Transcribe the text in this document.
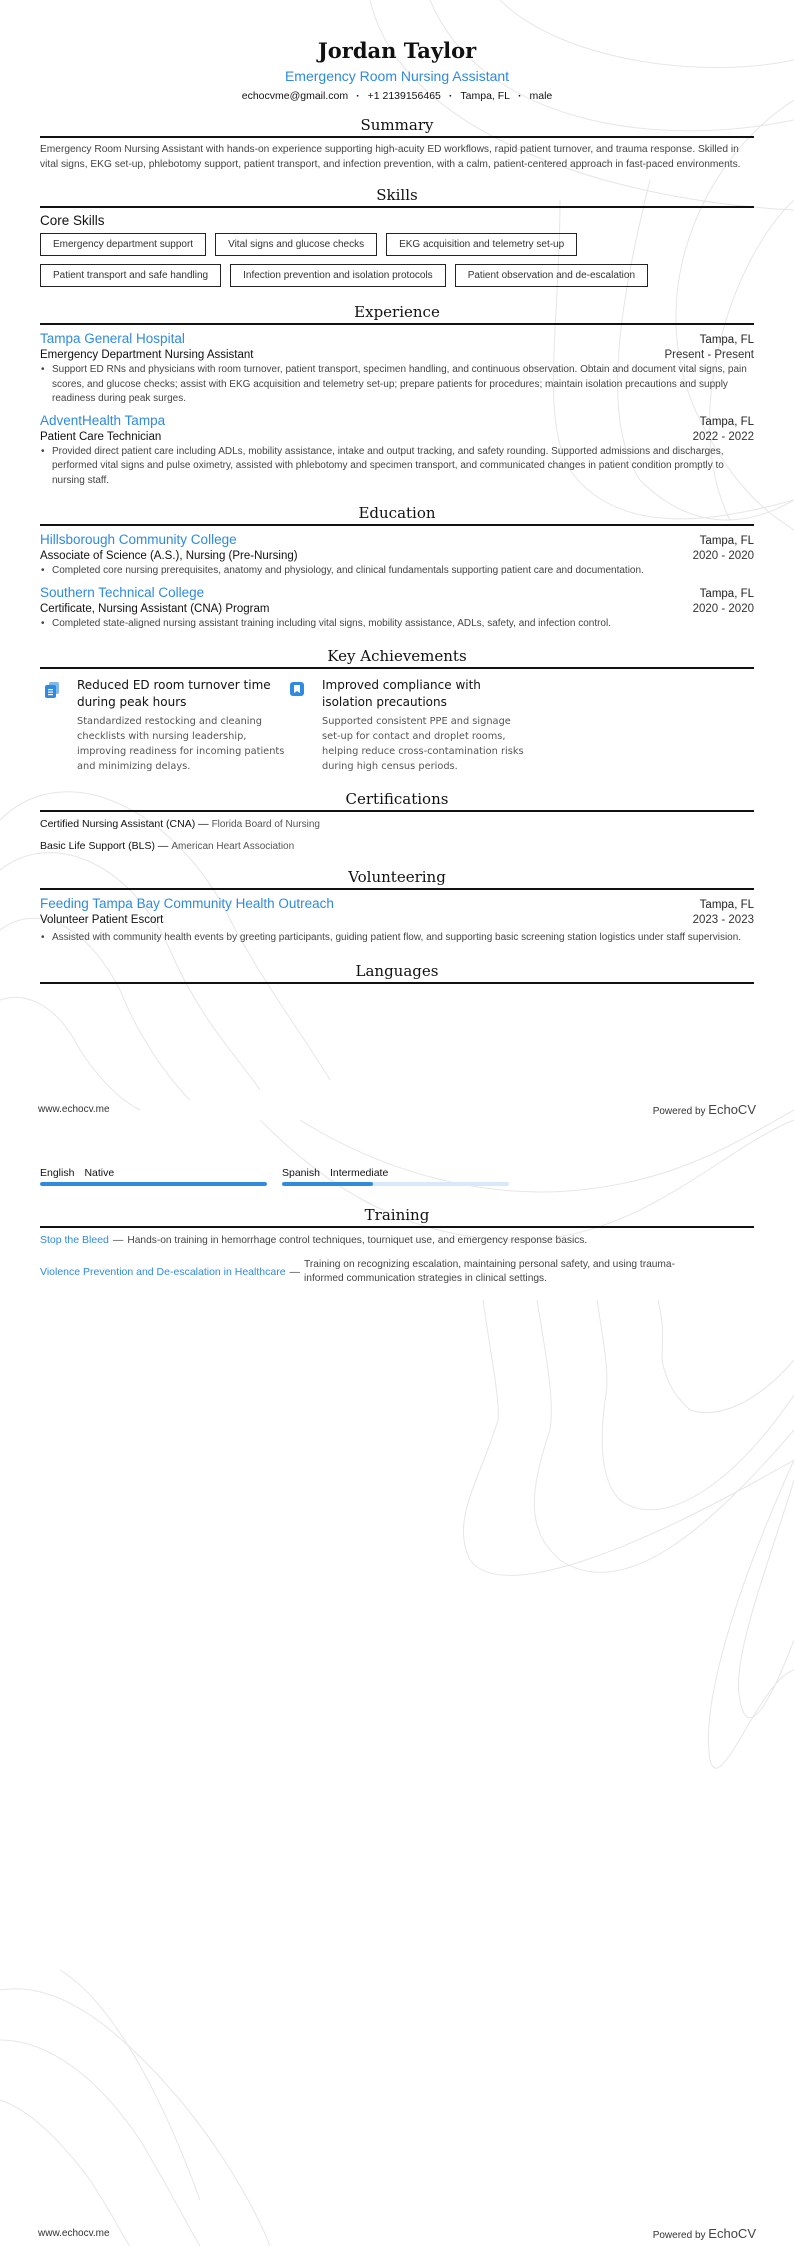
Jordan Taylor
Emergency Room Nursing Assistant
echocvme@gmail.com · +1 2139156465 · Tampa, FL · male
Summary
Emergency Room Nursing Assistant with hands-on experience supporting high-acuity ED workflows, rapid patient turnover, and trauma response. Skilled in vital signs, EKG set-up, phlebotomy support, patient transport, and infection prevention, with a calm, patient-centered approach in fast-paced environments.
Skills
Core Skills
Emergency department support	Vital signs and glucose checks	EKG acquisition and telemetry set-up
Patient transport and safe handling	Infection prevention and isolation protocols	Patient observation and de-escalation
Experience
Tampa General Hospital	Tampa, FL
Emergency Department Nursing Assistant	Present - Present
• Support ED RNs and physicians with room turnover, patient transport, specimen handling, and continuous observation. Obtain and document vital signs, pain scores, and glucose checks; assist with EKG acquisition and telemetry set-up; prepare patients for procedures; maintain isolation precautions and supply readiness during peak surges.
AdventHealth Tampa	Tampa, FL
Patient Care Technician	2022 - 2022
• Provided direct patient care including ADLs, mobility assistance, intake and output tracking, and safety rounding. Supported admissions and discharges, performed vital signs and pulse oximetry, assisted with phlebotomy and specimen transport, and communicated changes in patient condition promptly to nursing staff.
Education
Hillsborough Community College	Tampa, FL
Associate of Science (A.S.), Nursing (Pre-Nursing)	2020 - 2020
• Completed core nursing prerequisites, anatomy and physiology, and clinical fundamentals supporting patient care and documentation.
Southern Technical College	Tampa, FL
Certificate, Nursing Assistant (CNA) Program	2020 - 2020
• Completed state-aligned nursing assistant training including vital signs, mobility assistance, ADLs, safety, and infection control.
Key Achievements
Reduced ED room turnover time during peak hours
Standardized restocking and cleaning checklists with nursing leadership, improving readiness for incoming patients and minimizing delays.
Improved compliance with isolation precautions
Supported consistent PPE and signage set-up for contact and droplet rooms, helping reduce cross-contamination risks during high census periods.
Certifications
Certified Nursing Assistant (CNA) — Florida Board of Nursing
Basic Life Support (BLS) — American Heart Association
Volunteering
Feeding Tampa Bay Community Health Outreach	Tampa, FL
Volunteer Patient Escort	2023 - 2023
• Assisted with community health events by greeting participants, guiding patient flow, and supporting basic screening station logistics under staff supervision.
Languages
www.echocv.me	Powered by EchoCV
English Native	Spanish Intermediate
Training
Stop the Bleed — Hands-on training in hemorrhage control techniques, tourniquet use, and emergency response basics.
Violence Prevention and De-escalation in Healthcare —
Training on recognizing escalation, maintaining personal safety, and using trauma-informed communication strategies in clinical settings.
www.echocv.me	Powered by EchoCV
